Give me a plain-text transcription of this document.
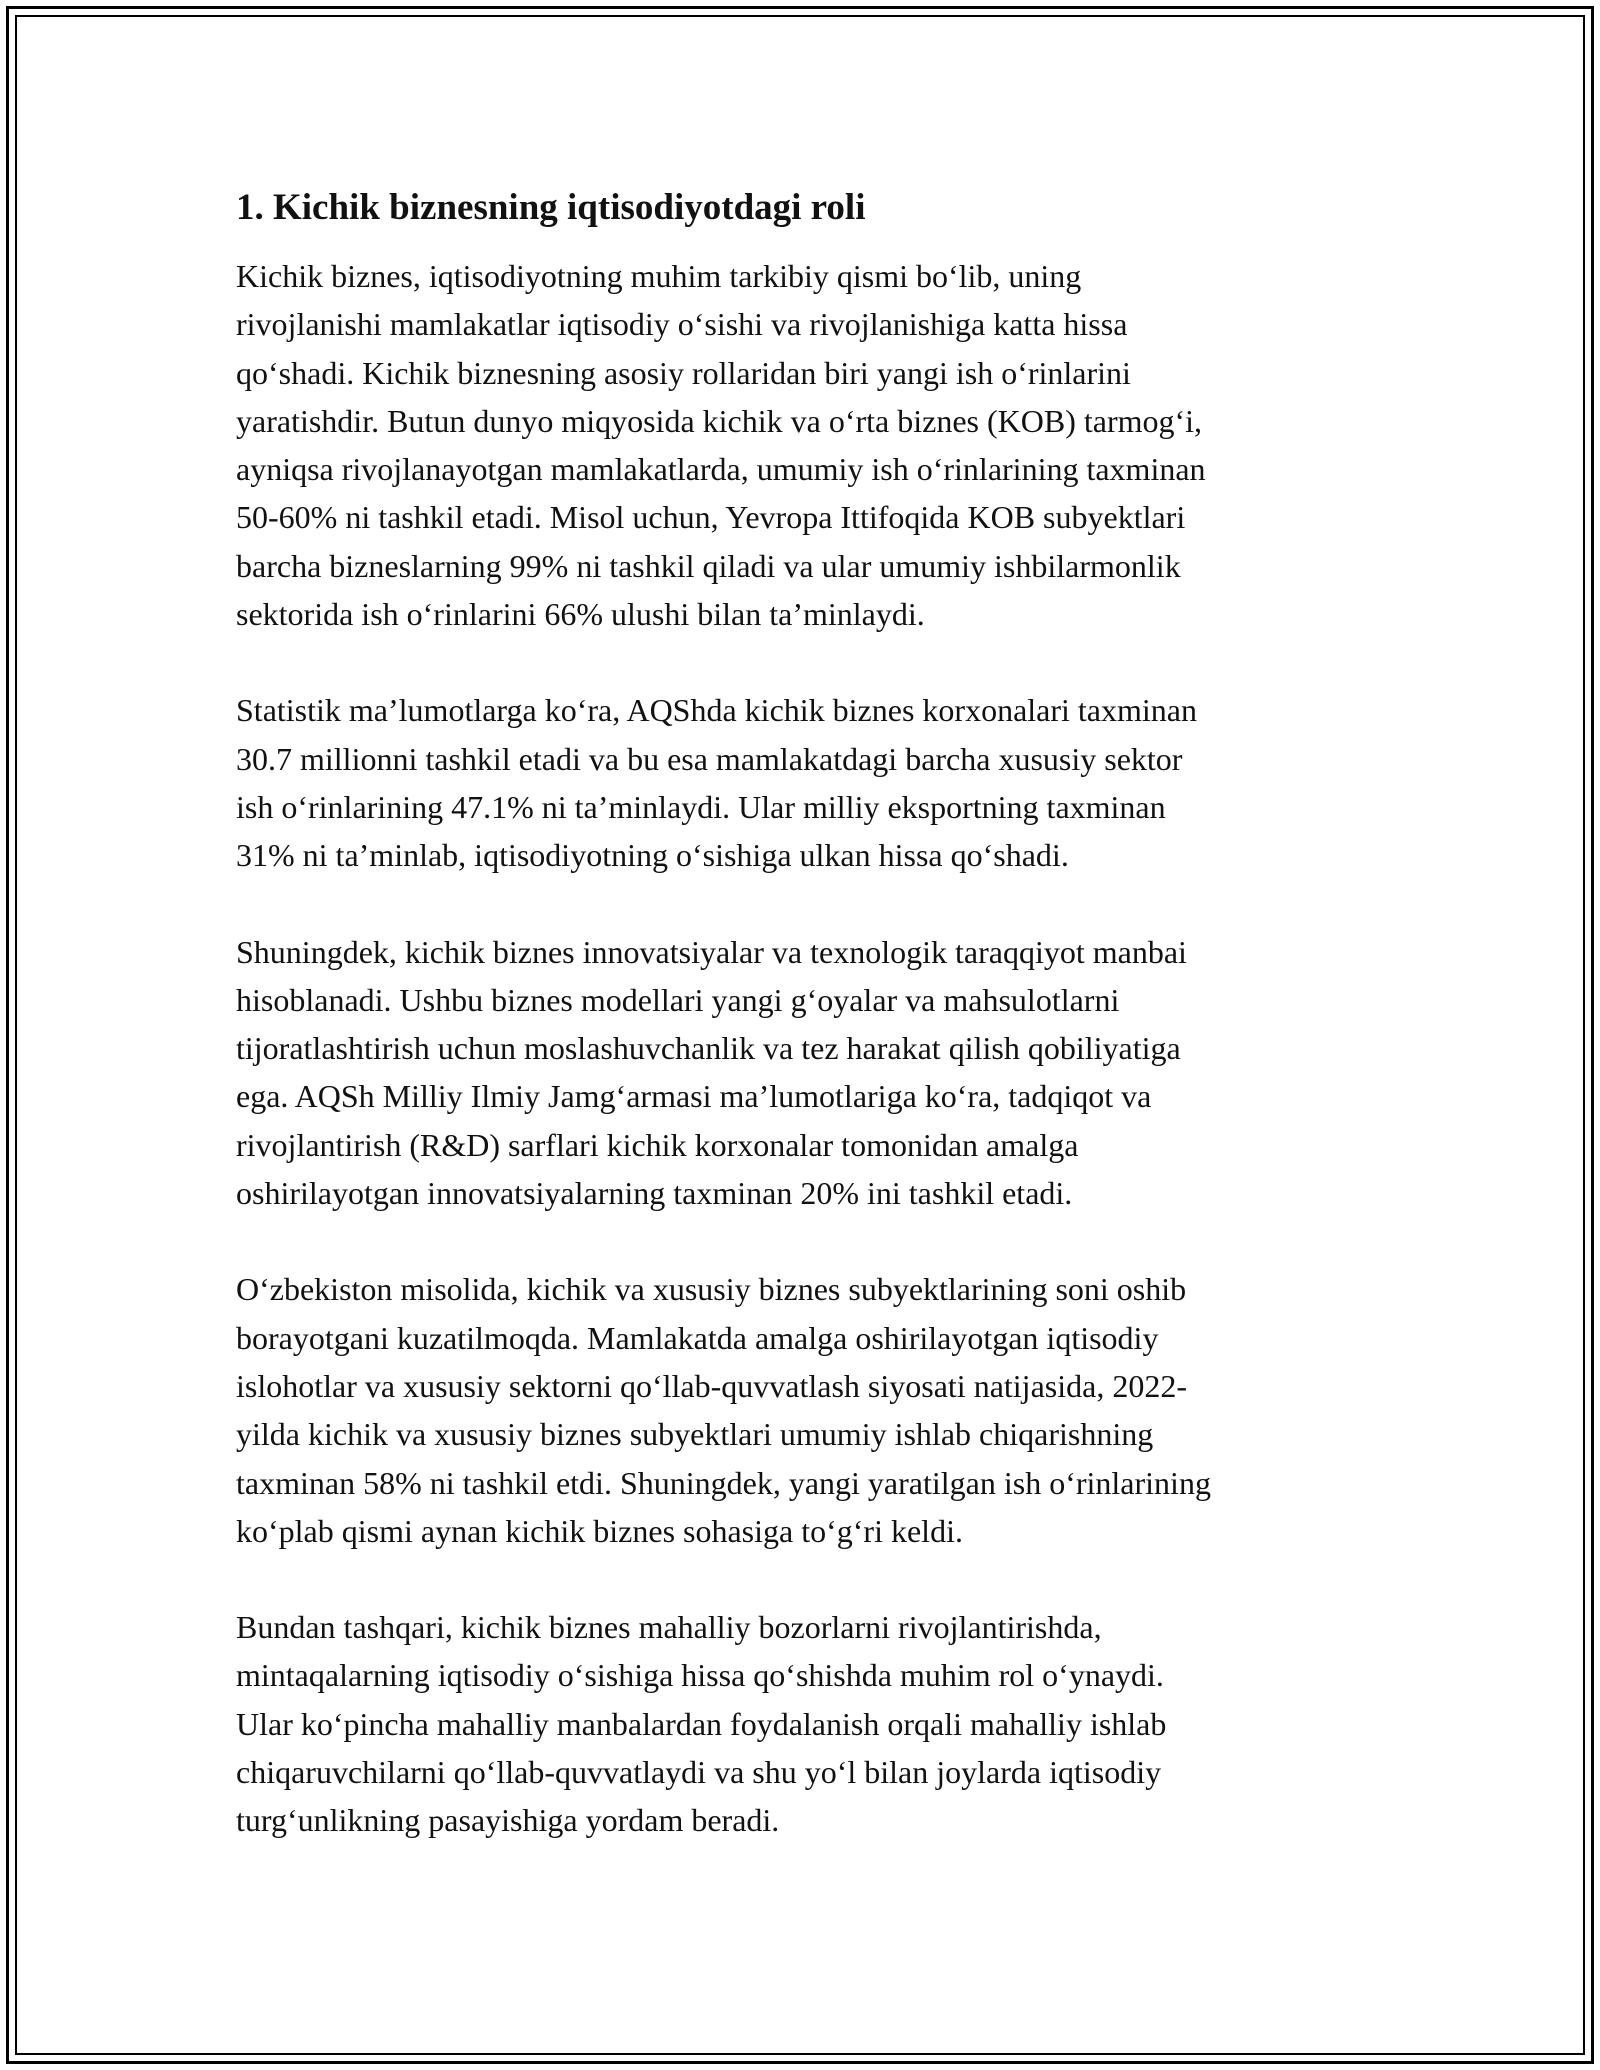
1. Kichik biznesning iqtisodiyotdagi roli

Kichik biznes, iqtisodiyotning muhim tarkibiy qismi bo‘lib, uning
rivojlanishi mamlakatlar iqtisodiy o‘sishi va rivojlanishiga katta hissa
qo‘shadi. Kichik biznesning asosiy rollaridan biri yangi ish o‘rinlarini
yaratishdir. Butun dunyo miqyosida kichik va o‘rta biznes (KOB) tarmog‘i,
ayniqsa rivojlanayotgan mamlakatlarda, umumiy ish o‘rinlarining taxminan
50-60% ni tashkil etadi. Misol uchun, Yevropa Ittifoqida KOB subyektlari
barcha bizneslarning 99% ni tashkil qiladi va ular umumiy ishbilarmonlik
sektorida ish o‘rinlarini 66% ulushi bilan ta’minlaydi.

Statistik ma’lumotlarga ko‘ra, AQShda kichik biznes korxonalari taxminan
30.7 millionni tashkil etadi va bu esa mamlakatdagi barcha xususiy sektor
ish o‘rinlarining 47.1% ni ta’minlaydi. Ular milliy eksportning taxminan
31% ni ta’minlab, iqtisodiyotning o‘sishiga ulkan hissa qo‘shadi.

Shuningdek, kichik biznes innovatsiyalar va texnologik taraqqiyot manbai
hisoblanadi. Ushbu biznes modellari yangi g‘oyalar va mahsulotlarni
tijoratlashtirish uchun moslashuvchanlik va tez harakat qilish qobiliyatiga
ega. AQSh Milliy Ilmiy Jamg‘armasi ma’lumotlariga ko‘ra, tadqiqot va
rivojlantirish (R&D) sarflari kichik korxonalar tomonidan amalga
oshirilayotgan innovatsiyalarning taxminan 20% ini tashkil etadi.

O‘zbekiston misolida, kichik va xususiy biznes subyektlarining soni oshib
borayotgani kuzatilmoqda. Mamlakatda amalga oshirilayotgan iqtisodiy
islohotlar va xususiy sektorni qo‘llab-quvvatlash siyosati natijasida, 2022-
yilda kichik va xususiy biznes subyektlari umumiy ishlab chiqarishning
taxminan 58% ni tashkil etdi. Shuningdek, yangi yaratilgan ish o‘rinlarining
ko‘plab qismi aynan kichik biznes sohasiga to‘g‘ri keldi.

Bundan tashqari, kichik biznes mahalliy bozorlarni rivojlantirishda,
mintaqalarning iqtisodiy o‘sishiga hissa qo‘shishda muhim rol o‘ynaydi.
Ular ko‘pincha mahalliy manbalardan foydalanish orqali mahalliy ishlab
chiqaruvchilarni qo‘llab-quvvatlaydi va shu yo‘l bilan joylarda iqtisodiy
turg‘unlikning pasayishiga yordam beradi.
